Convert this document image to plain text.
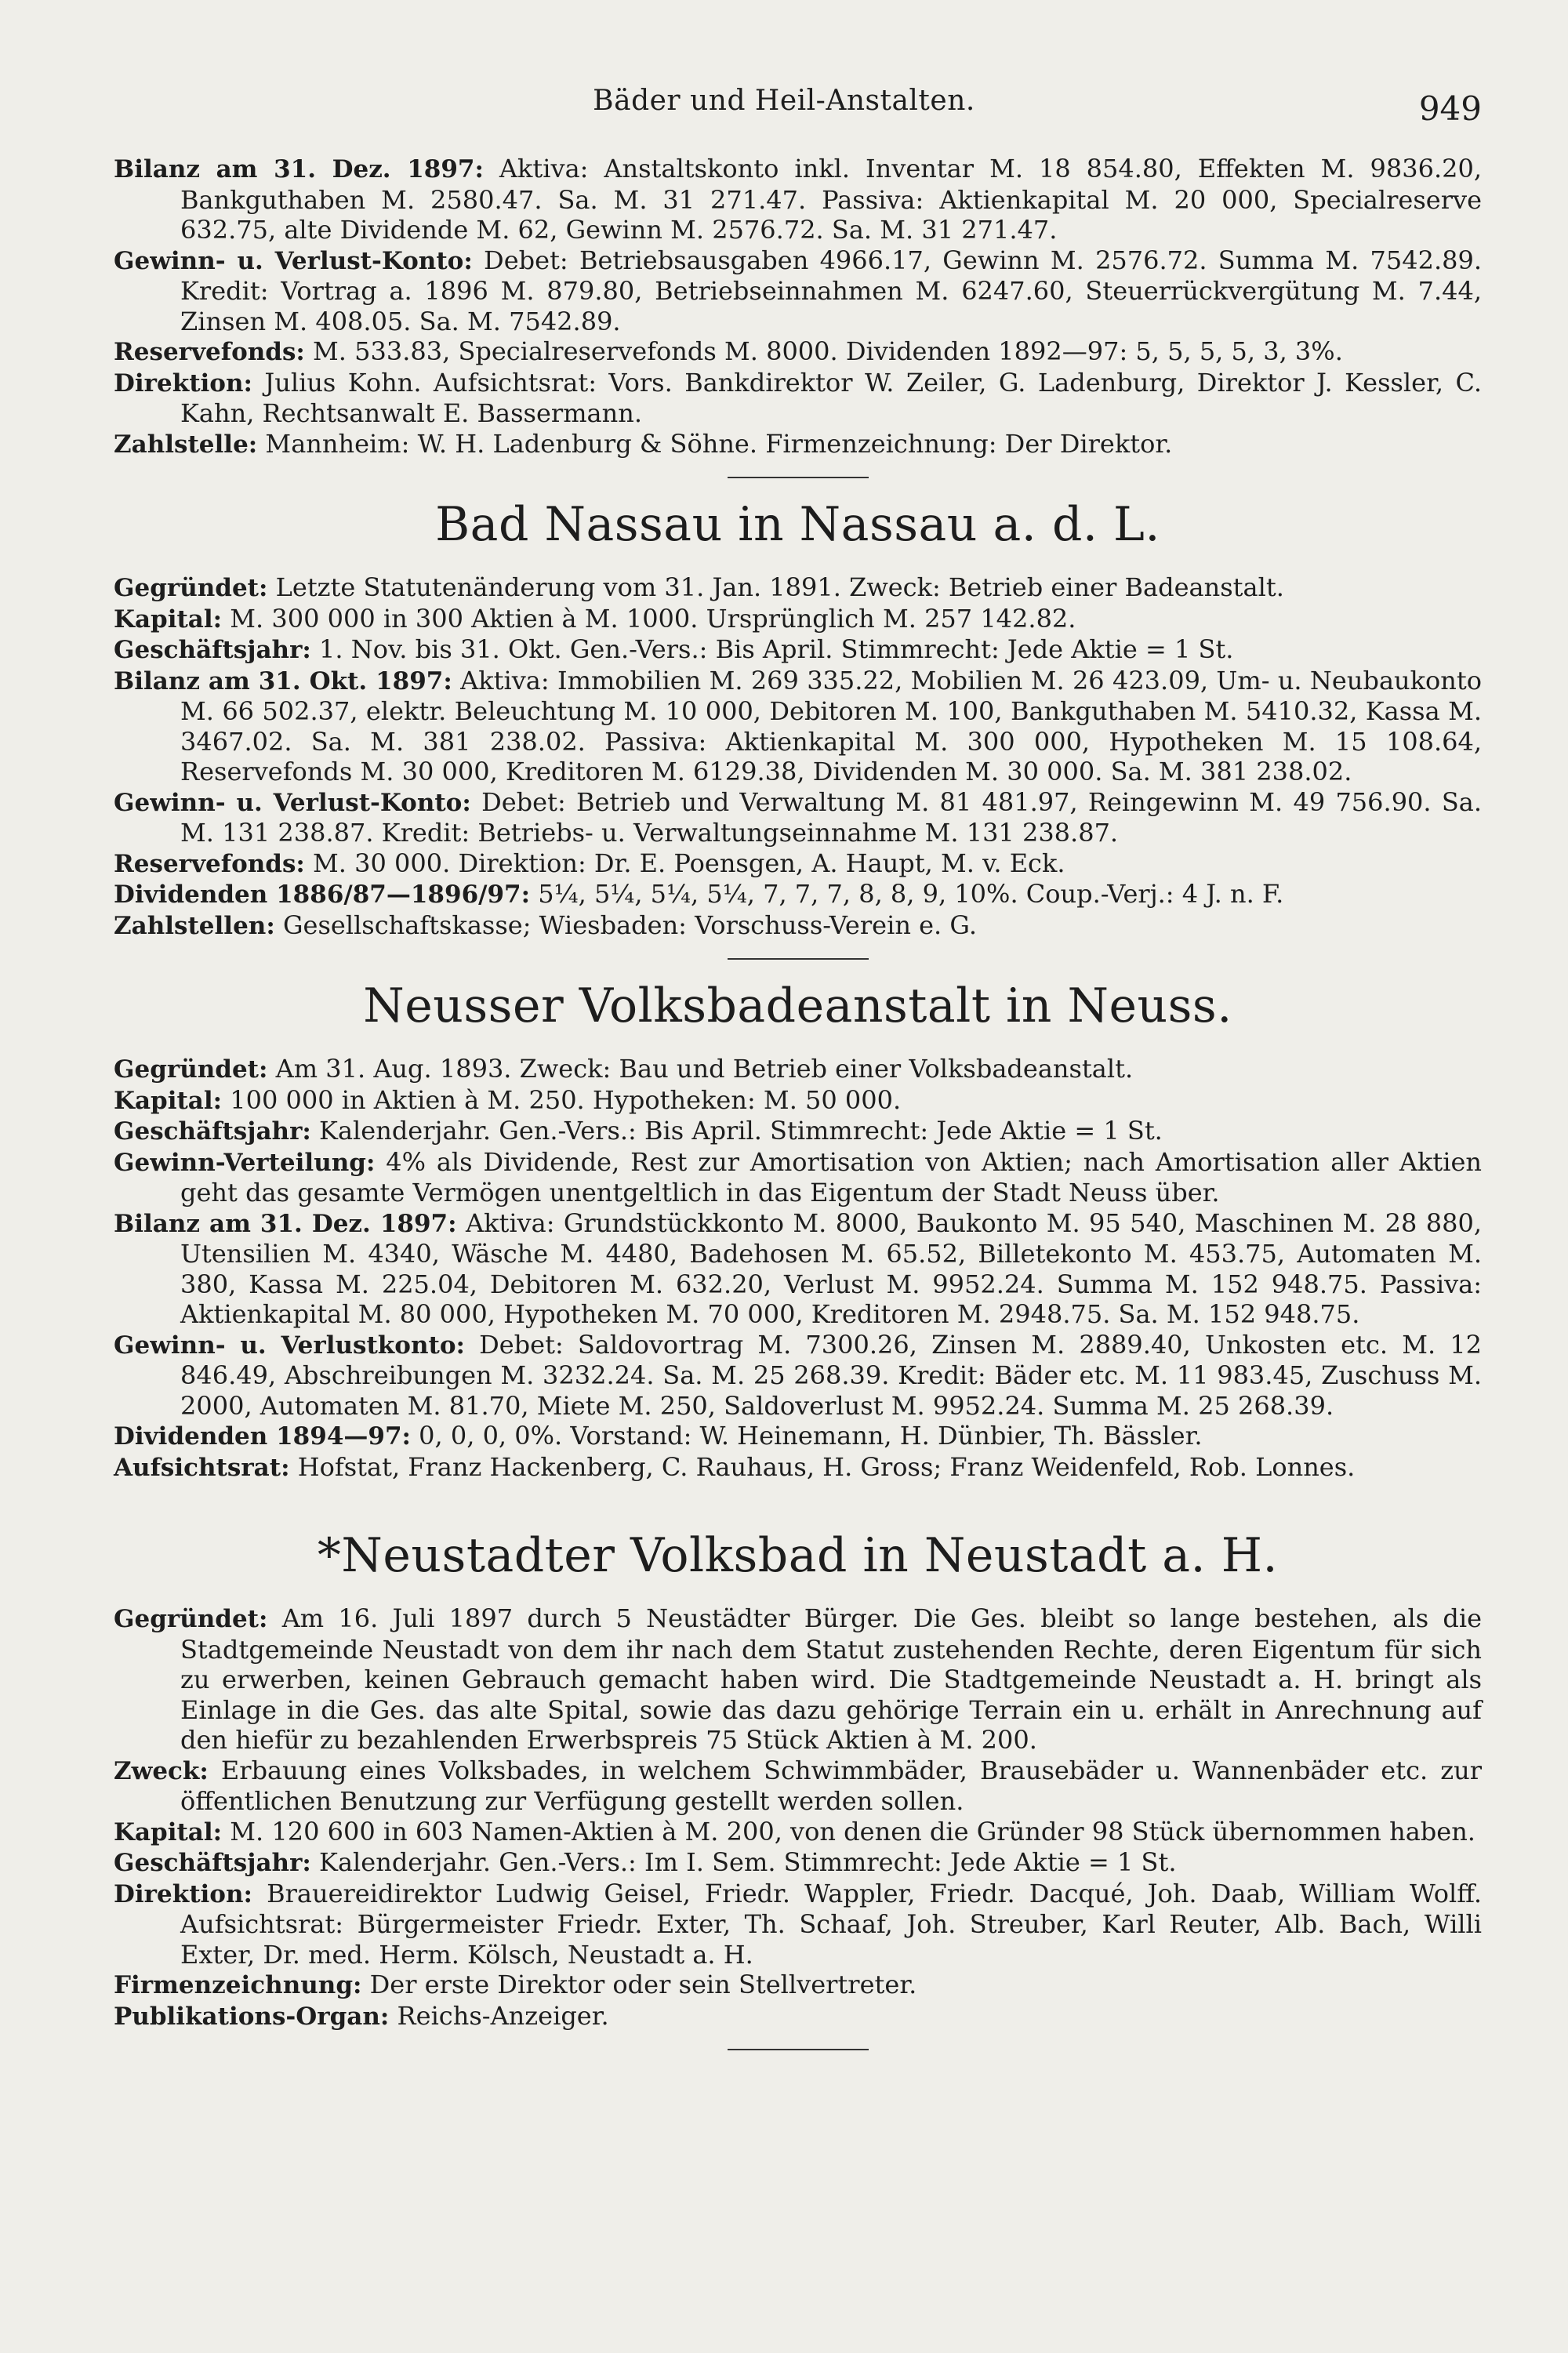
Bäder und Heil-Anstalten.	949

Bilanz am 31. Dez. 1897: Aktiva: Anstaltskonto inkl. Inventar M. 18 854.80, Effekten M. 9836.20, Bankguthaben M. 2580.47. Sa. M. 31 271.47. Passiva: Aktienkapital M. 20 000, Specialreserve 632.75, alte Dividende M. 62, Gewinn M. 2576.72. Sa. M. 31 271.47.

Gewinn- u. Verlust-Konto: Debet: Betriebsausgaben 4966.17, Gewinn M. 2576.72. Summa M. 7542.89. Kredit: Vortrag a. 1896 M. 879.80, Betriebseinnahmen M. 6247.60, Steuerrückvergütung M. 7.44, Zinsen M. 408.05. Sa. M. 7542.89.

Reservefonds: M. 533.83, Specialreservefonds M. 8000. Dividenden 1892—97: 5, 5, 5, 5, 3, 3%.

Direktion: Julius Kohn. Aufsichtsrat: Vors. Bankdirektor W. Zeiler, G. Ladenburg, Direktor J. Kessler, C. Kahn, Rechtsanwalt E. Bassermann.

Zahlstelle: Mannheim: W. H. Ladenburg & Söhne. Firmenzeichnung: Der Direktor.

Bad Nassau in Nassau a. d. L.

Gegründet: Letzte Statutenänderung vom 31. Jan. 1891. Zweck: Betrieb einer Badeanstalt.

Kapital: M. 300 000 in 300 Aktien à M. 1000. Ursprünglich M. 257 142.82.

Geschäftsjahr: 1. Nov. bis 31. Okt. Gen.-Vers.: Bis April. Stimmrecht: Jede Aktie = 1 St.

Bilanz am 31. Okt. 1897: Aktiva: Immobilien M. 269 335.22, Mobilien M. 26 423.09, Um- u. Neubaukonto M. 66 502.37, elektr. Beleuchtung M. 10 000, Debitoren M. 100, Bankguthaben M. 5410.32, Kassa M. 3467.02. Sa. M. 381 238.02. Passiva: Aktienkapital M. 300 000, Hypotheken M. 15 108.64, Reservefonds M. 30 000, Kreditoren M. 6129.38, Dividenden M. 30 000. Sa. M. 381 238.02.

Gewinn- u. Verlust-Konto: Debet: Betrieb und Verwaltung M. 81 481.97, Reingewinn M. 49 756.90. Sa. M. 131 238.87. Kredit: Betriebs- u. Verwaltungseinnahme M. 131 238.87.

Reservefonds: M. 30 000. Direktion: Dr. E. Poensgen, A. Haupt, M. v. Eck.

Dividenden 1886/87—1896/97: 5¼, 5¼, 5¼, 5¼, 7, 7, 7, 8, 8, 9, 10%. Coup.-Verj.: 4 J. n. F.

Zahlstellen: Gesellschaftskasse; Wiesbaden: Vorschuss-Verein e. G.

Neusser Volksbadeanstalt in Neuss.

Gegründet: Am 31. Aug. 1893. Zweck: Bau und Betrieb einer Volksbadeanstalt.

Kapital: 100 000 in Aktien à M. 250. Hypotheken: M. 50 000.

Geschäftsjahr: Kalenderjahr. Gen.-Vers.: Bis April. Stimmrecht: Jede Aktie = 1 St.

Gewinn-Verteilung: 4% als Dividende, Rest zur Amortisation von Aktien; nach Amortisation aller Aktien geht das gesamte Vermögen unentgeltlich in das Eigentum der Stadt Neuss über.

Bilanz am 31. Dez. 1897: Aktiva: Grundstückkonto M. 8000, Baukonto M. 95 540, Maschinen M. 28 880, Utensilien M. 4340, Wäsche M. 4480, Badehosen M. 65.52, Billetekonto M. 453.75, Automaten M. 380, Kassa M. 225.04, Debitoren M. 632.20, Verlust M. 9952.24. Summa M. 152 948.75. Passiva: Aktienkapital M. 80 000, Hypotheken M. 70 000, Kreditoren M. 2948.75. Sa. M. 152 948.75.

Gewinn- u. Verlustkonto: Debet: Saldovortrag M. 7300.26, Zinsen M. 2889.40, Unkosten etc. M. 12 846.49, Abschreibungen M. 3232.24. Sa. M. 25 268.39. Kredit: Bäder etc. M. 11 983.45, Zuschuss M. 2000, Automaten M. 81.70, Miete M. 250, Saldoverlust M. 9952.24. Summa M. 25 268.39.

Dividenden 1894—97: 0, 0, 0, 0%. Vorstand: W. Heinemann, H. Dünbier, Th. Bässler.

Aufsichtsrat: Hofstat, Franz Hackenberg, C. Rauhaus, H. Gross; Franz Weidenfeld, Rob. Lonnes.

*Neustadter Volksbad in Neustadt a. H.

Gegründet: Am 16. Juli 1897 durch 5 Neustädter Bürger. Die Ges. bleibt so lange bestehen, als die Stadtgemeinde Neustadt von dem ihr nach dem Statut zustehenden Rechte, deren Eigentum für sich zu erwerben, keinen Gebrauch gemacht haben wird. Die Stadtgemeinde Neustadt a. H. bringt als Einlage in die Ges. das alte Spital, sowie das dazu gehörige Terrain ein u. erhält in Anrechnung auf den hiefür zu bezahlenden Erwerbspreis 75 Stück Aktien à M. 200.

Zweck: Erbauung eines Volksbades, in welchem Schwimmbäder, Brausebäder u. Wannenbäder etc. zur öffentlichen Benutzung zur Verfügung gestellt werden sollen.

Kapital: M. 120 600 in 603 Namen-Aktien à M. 200, von denen die Gründer 98 Stück übernommen haben.

Geschäftsjahr: Kalenderjahr. Gen.-Vers.: Im I. Sem. Stimmrecht: Jede Aktie = 1 St.

Direktion: Brauereidirektor Ludwig Geisel, Friedr. Wappler, Friedr. Dacqué, Joh. Daab, William Wolff. Aufsichtsrat: Bürgermeister Friedr. Exter, Th. Schaaf, Joh. Streuber, Karl Reuter, Alb. Bach, Willi Exter, Dr. med. Herm. Kölsch, Neustadt a. H.

Firmenzeichnung: Der erste Direktor oder sein Stellvertreter.

Publikations-Organ: Reichs-Anzeiger.
